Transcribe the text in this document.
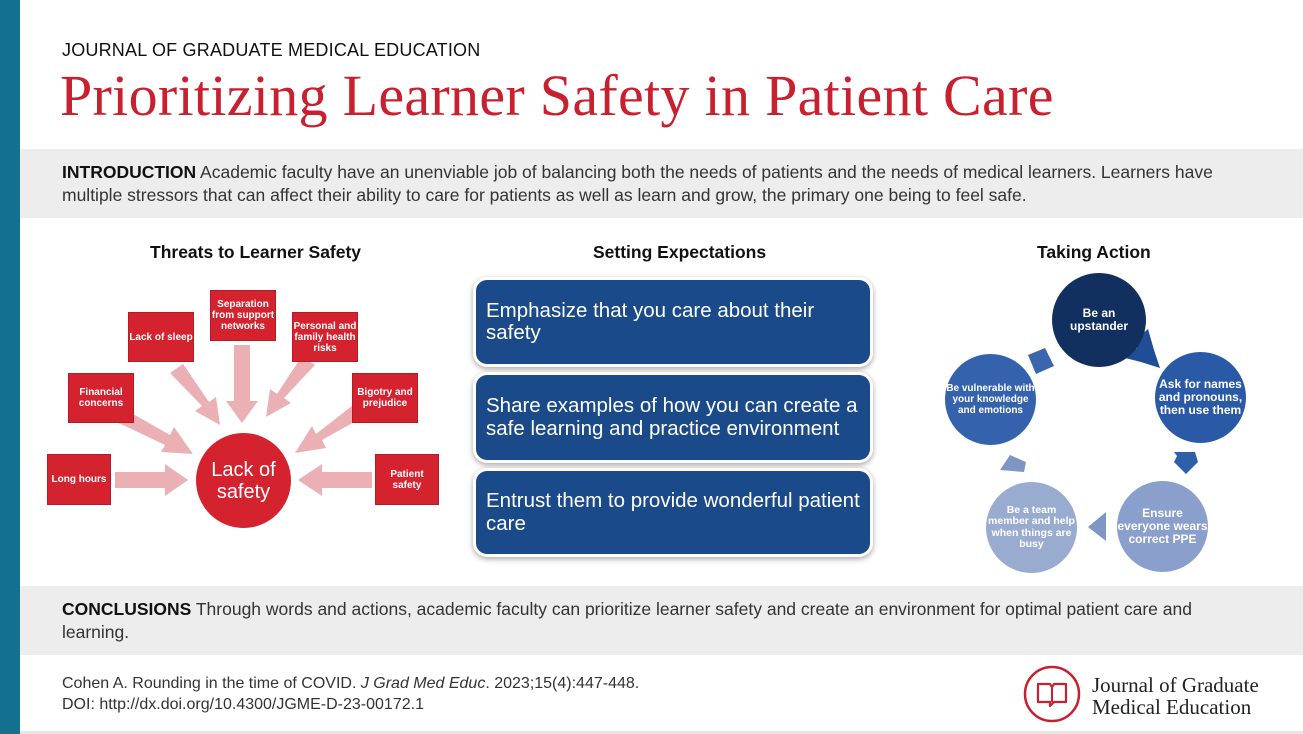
JOURNAL OF GRADUATE MEDICAL EDUCATION
Prioritizing Learner Safety in Patient Care
INTRODUCTION Academic faculty have an unenviable job of balancing both the needs of patients and the needs of medical learners. Learners have multiple stressors that can affect their ability to care for patients as well as learn and grow, the primary one being to feel safe.
Threats to Learner Safety	Setting Expectations	Taking Action
Long hours
Financial concerns
Lack of sleep
Separation from support networks	Personal and family health risks
Bigotry and prejudice
Patient safety
Lack of safety
Emphasize that you care about their safety
Share examples of how you can create a safe learning and practice environment
Entrust them to provide wonderful patient care
Be an upstander
Ask for names and pronouns, then use them
Ensure everyone wears correct PPE
Be a team member and help when things are busy
Be vulnerable with your knowledge and emotions
CONCLUSIONS Through words and actions, academic faculty can prioritize learner safety and create an environment for optimal patient care and learning.
Cohen A. Rounding in the time of COVID. J Grad Med Educ. 2023;15(4):447-448.
DOI: http://dx.doi.org/10.4300/JGME-D-23-00172.1
Journal of Graduate
Medical Education
